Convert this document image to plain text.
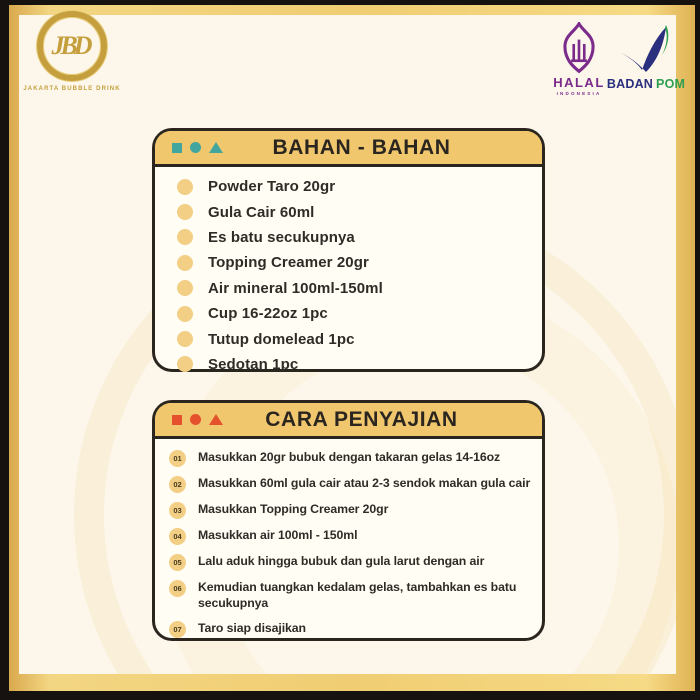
JBD
JAKARTA BUBBLE DRINK	HALAL
INDONESIA
BADAN POM
BAHAN - BAHAN
Powder Taro 20gr
Gula Cair 60ml
Es batu secukupnya
Topping Creamer 20gr
Air mineral 100ml-150ml
Cup 16-22oz 1pc
Tutup domelead 1pc
Sedotan 1pc
CARA PENYAJIAN
01	Masukkan 20gr bubuk dengan takaran gelas 14-16oz
02	Masukkan 60ml gula cair atau 2-3 sendok makan gula cair
03	Masukkan Topping Creamer 20gr
04	Masukkan air 100ml - 150ml
05	Lalu aduk hingga bubuk dan gula larut dengan air
06	Kemudian tuangkan kedalam gelas, tambahkan es batu secukupnya
07	Taro siap disajikan
